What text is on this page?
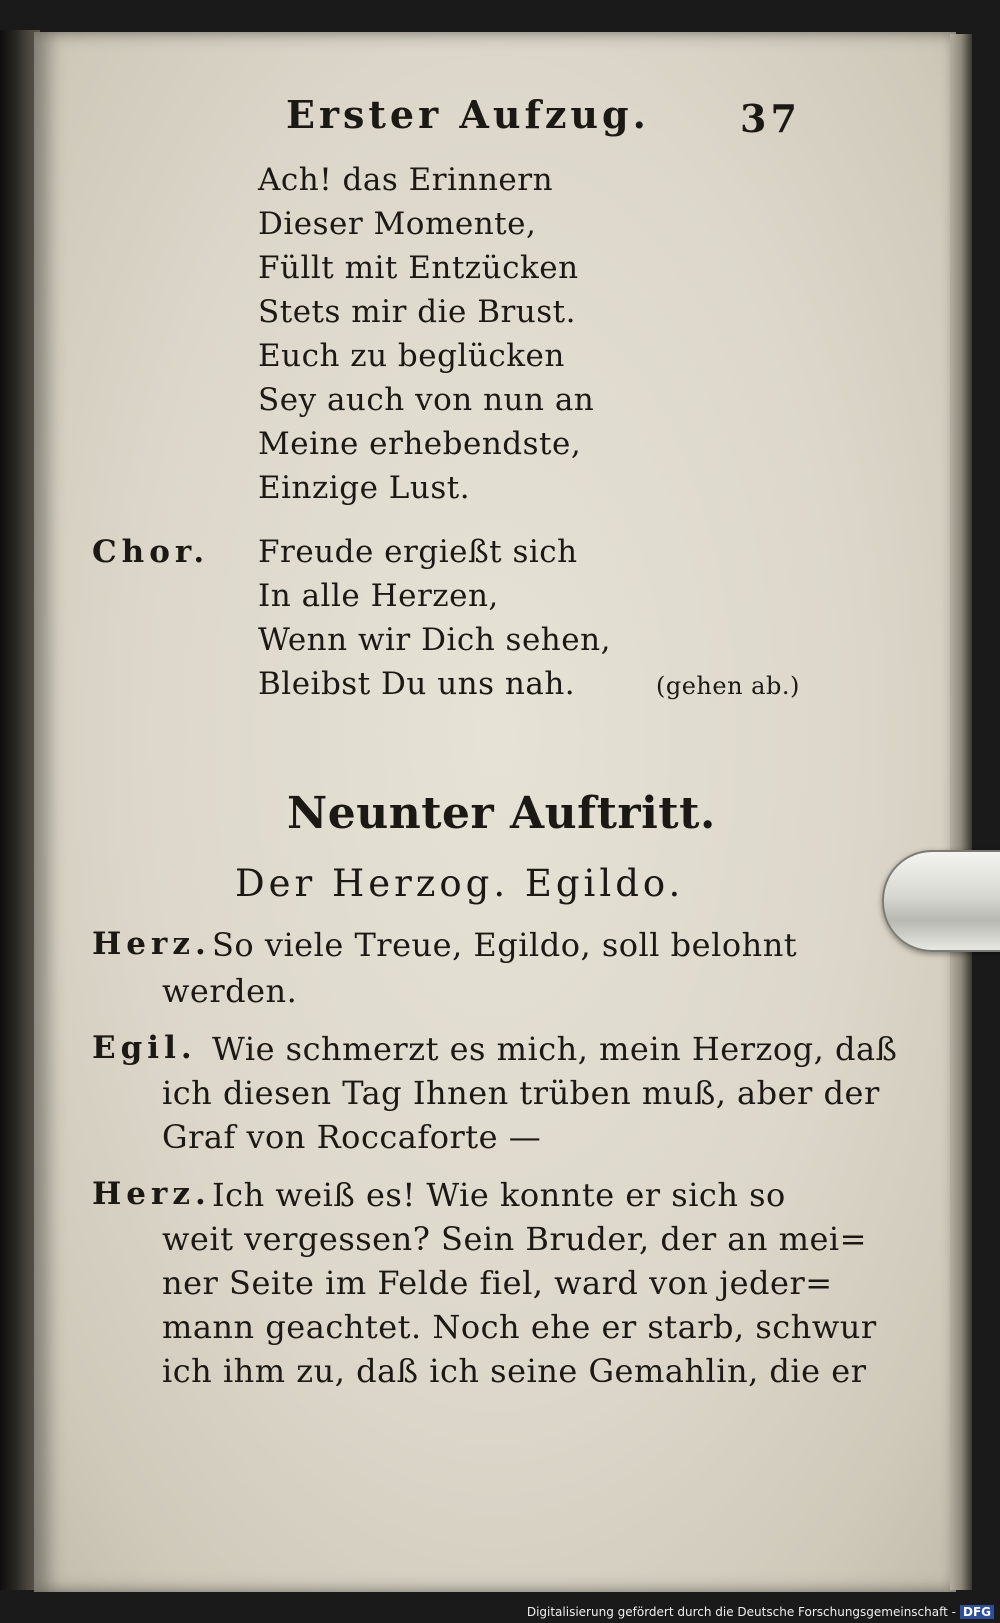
Erster Aufzug. 37
Ach! das Erinnern
Dieser Momente,
Füllt mit Entzücken
Stets mir die Brust.
Euch zu beglücken
Sey auch von nun an
Meine erhebendste,
Einzige Lust.
Chor. Freude ergießt sich
In alle Herzen,
Wenn wir Dich sehen,
Bleibst Du uns nah.	(gehen ab.)
Neunter Auftritt.
Der Herzog. Egildo.
Herz. So viele Treue, Egildo, soll belohnt
werden.
Egil. Wie schmerzt es mich, mein Herzog, daß
ich diesen Tag Ihnen trüben muß, aber der
Graf von Roccaforte —
Herz. Ich weiß es! Wie konnte er sich so
weit vergessen? Sein Bruder, der an mei=
ner Seite im Felde fiel, ward von jeder=
mann geachtet. Noch ehe er starb, schwur
ich ihm zu, daß ich seine Gemahlin, die er
Digitalisierung gefördert durch die Deutsche Forschungsgemeinschaft - DFG
